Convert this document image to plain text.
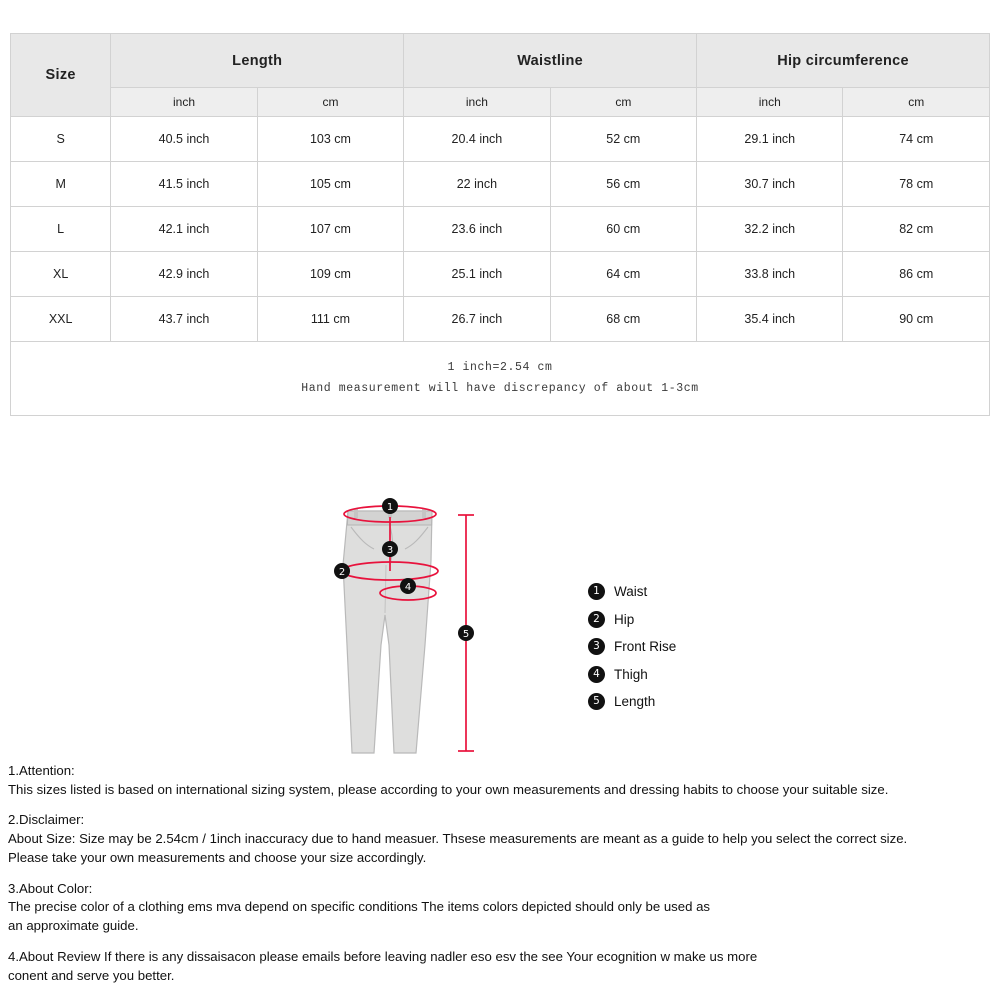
Size	Length		Waistline		Hip circumference	
	inch	cm	inch	cm	inch	cm
S	40.5 inch	103 cm	20.4 inch	52 cm	29.1 inch	74 cm
M	41.5 inch	105 cm	22 inch	56 cm	30.7 inch	78 cm
L	42.1 inch	107 cm	23.6 inch	60 cm	32.2 inch	82 cm
XL	42.9 inch	109 cm	25.1 inch	64 cm	33.8 inch	86 cm
XXL	43.7 inch	111 cm	26.7 inch	68 cm	35.4 inch	90 cm

1 inch=2.54 cm
Hand measurement will have discrepancy of about 1-3cm						
1
2
3
4
5
1	Waist
2	Hip
3	Front Rise
4	Thigh
5	Length

1.Attention:

This sizes listed is based on international sizing system, please according to your own measurements and dressing habits to choose your suitable size.

2.Disclaimer:

About Size: Size may be 2.54cm / 1inch inaccuracy due to hand measuer. Thsese measurements are meant as a guide to help you select the correct size.

Please take your own measurements and choose your size accordingly.

3.About Color:

The precise color of a clothing ems mva depend on specific conditions The items colors depicted should only be used as

an approximate guide.

4.About Review If there is any dissaisacon please emails before leaving nadler eso esv the see Your ecognition w make us more

conent and serve you better.
